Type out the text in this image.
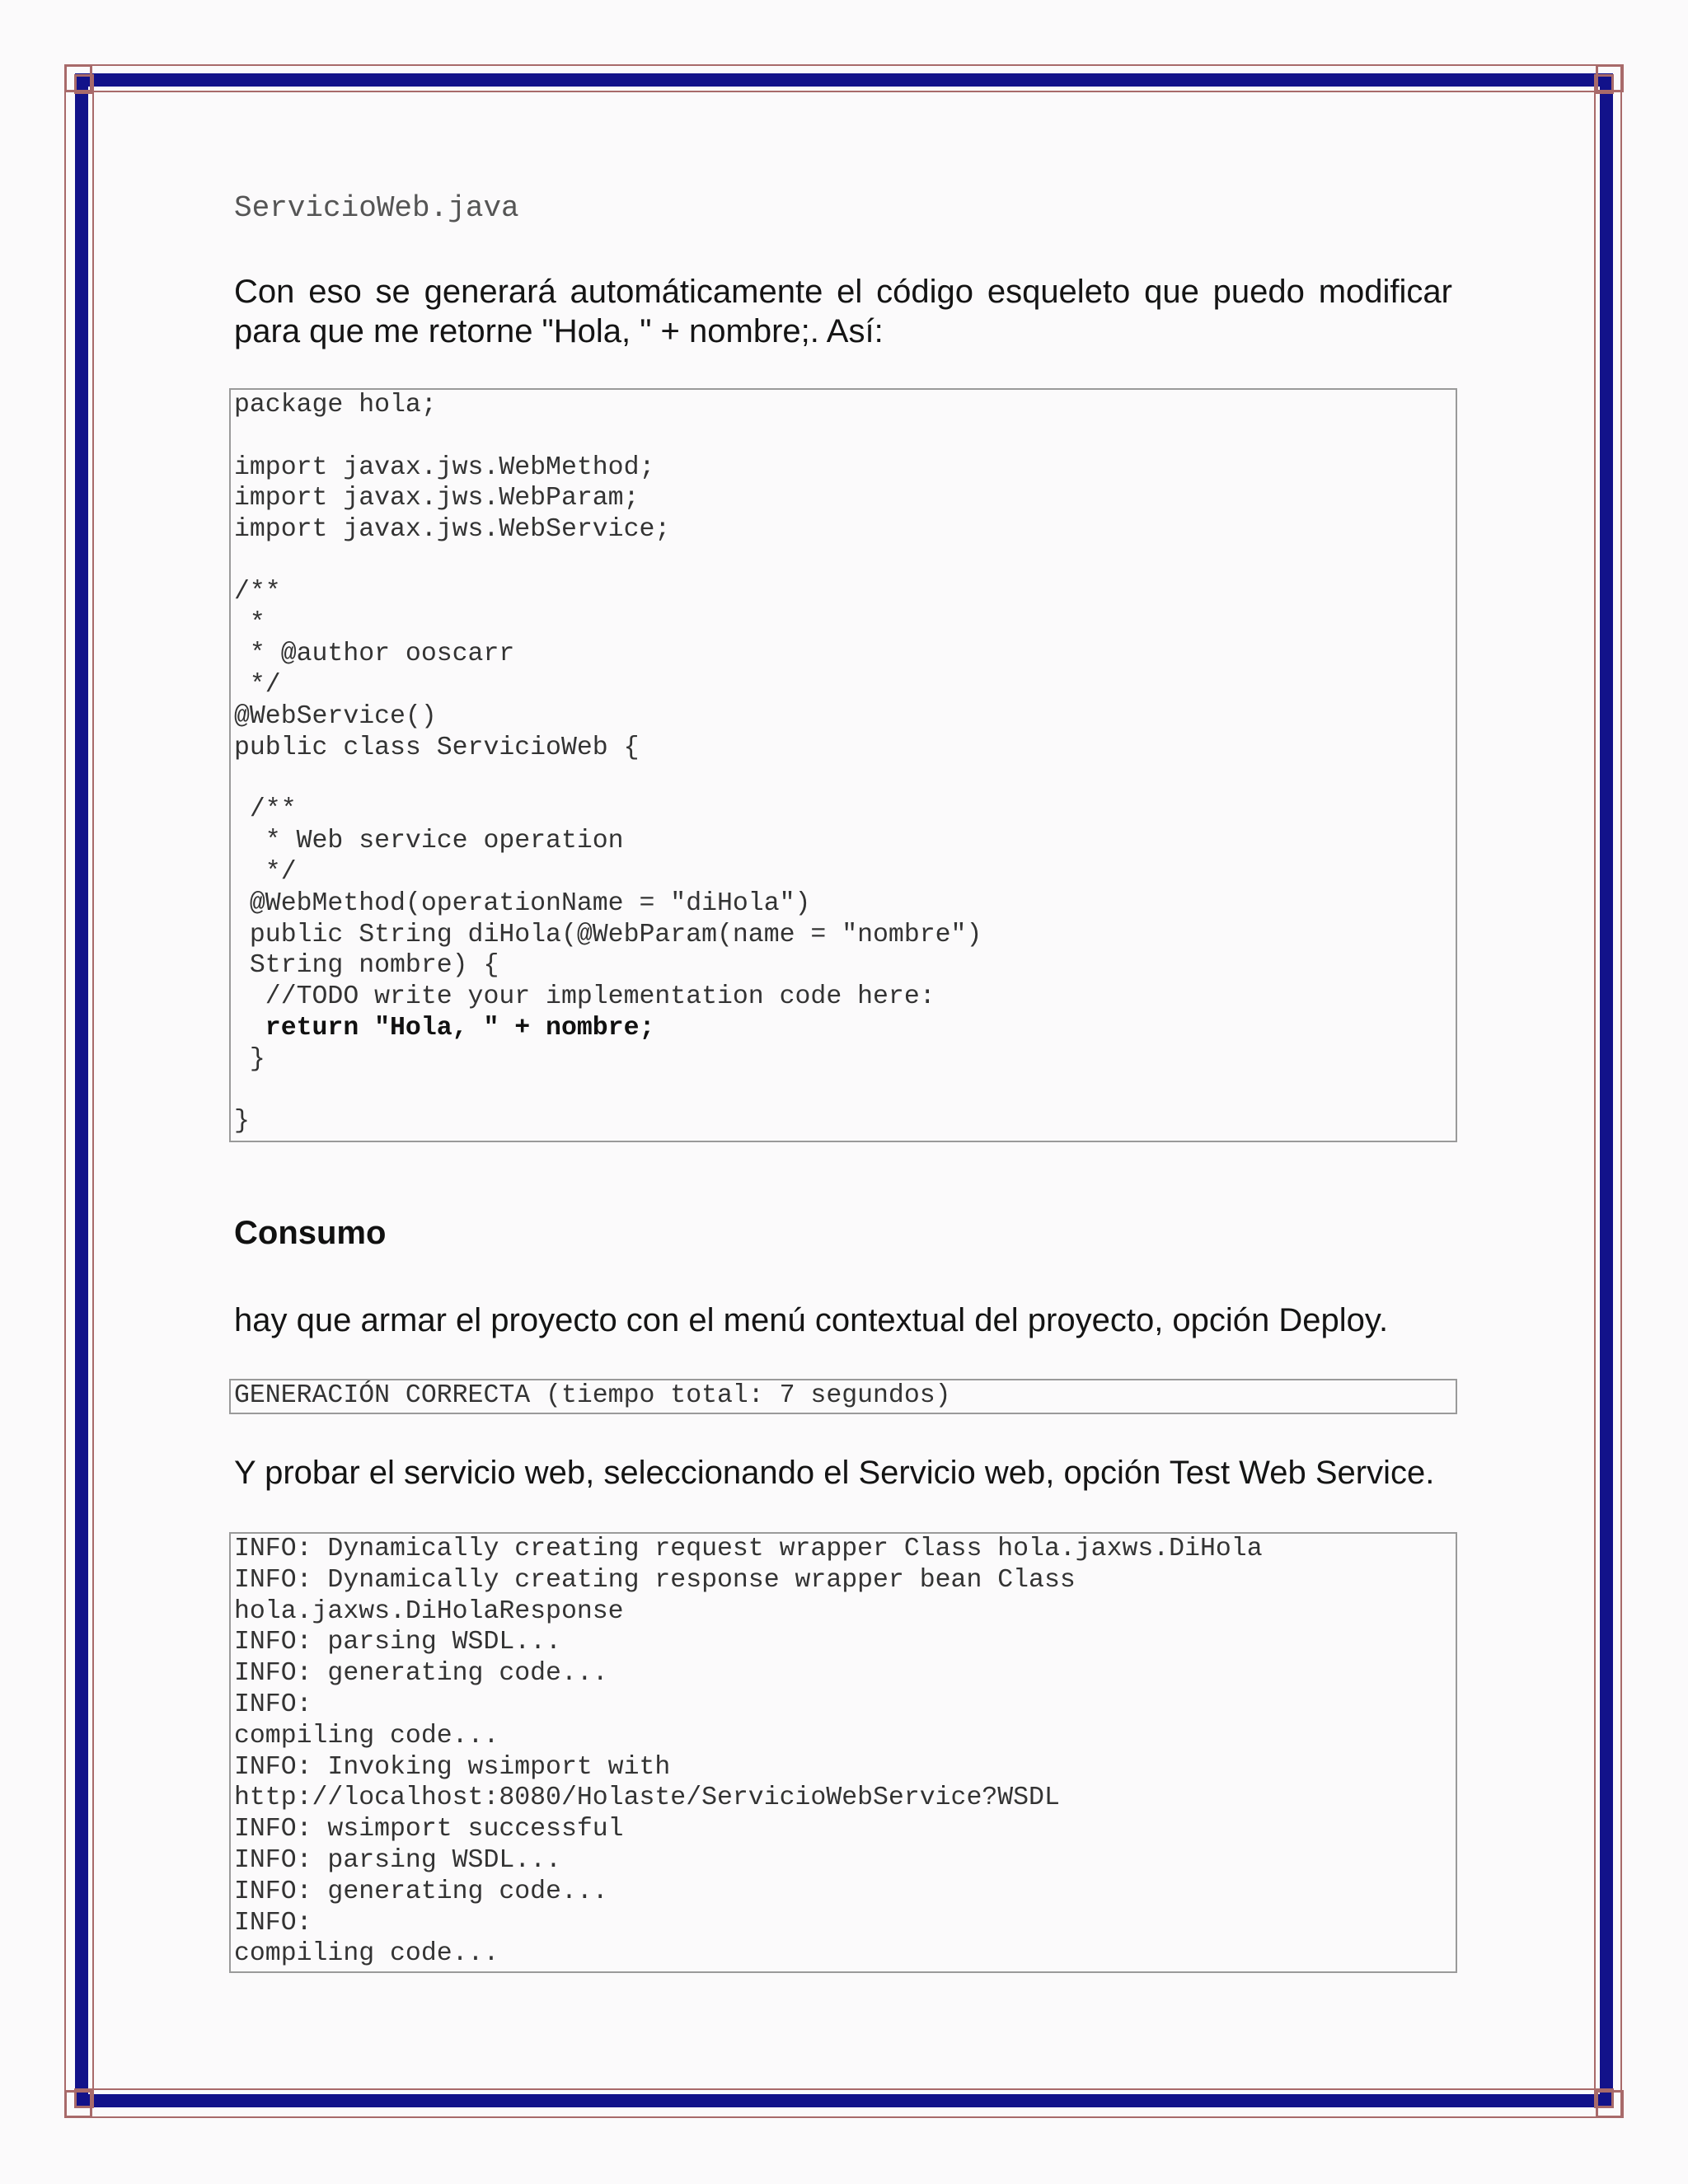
ServicioWeb.java

Con eso se generará automáticamente el código esqueleto que puedo modificar para que me retorne "Hola, " + nombre;. Así:

package hola;
import javax.jws.WebMethod;
import javax.jws.WebParam;
import javax.jws.WebService;
/**
*
* @author ooscarr
*/
@WebService()
public class ServicioWeb {
/**
* Web service operation
*/
@WebMethod(operationName = "diHola")
public String diHola(@WebParam(name = "nombre")
String nombre) {
//TODO write your implementation code here:
return "Hola, " + nombre;
}
}
Consumo

hay que armar el proyecto con el menú contextual del proyecto, opción Deploy.

GENERACIÓN CORRECTA (tiempo total: 7 segundos)

Y probar el servicio web, seleccionando el Servicio web, opción Test Web Service.

INFO: Dynamically creating request wrapper Class hola.jaxws.DiHola
INFO: Dynamically creating response wrapper bean Class
hola.jaxws.DiHolaResponse
INFO: parsing WSDL...
INFO: generating code...
INFO:
compiling code...
INFO: Invoking wsimport with
http://localhost:8080/Holaste/ServicioWebService?WSDL
INFO: wsimport successful
INFO: parsing WSDL...
INFO: generating code...
INFO:
compiling code...
